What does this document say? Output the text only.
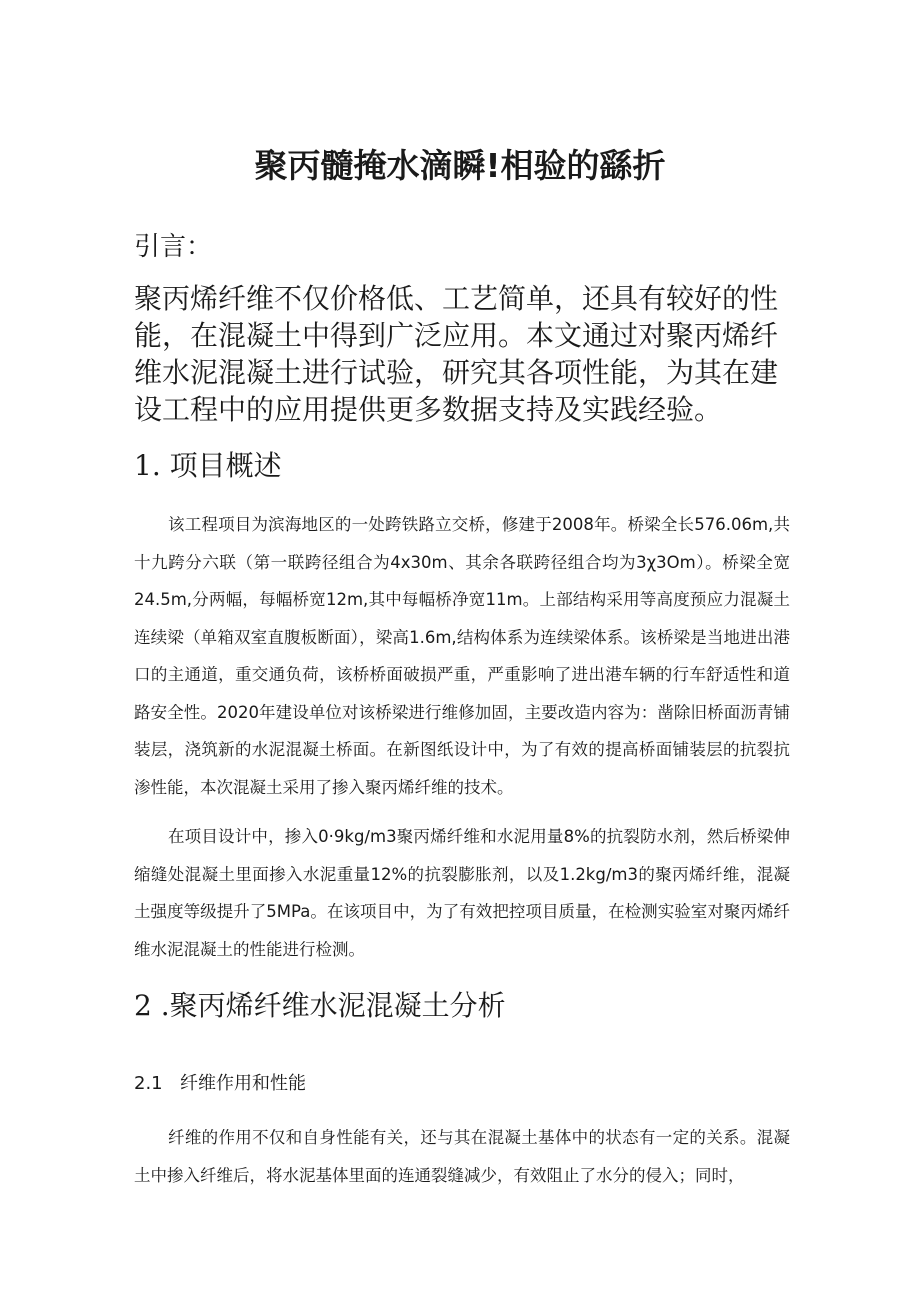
聚丙髓掩水滴瞬!相验的繇折
引言：

聚丙烯纤维不仅价格低、工艺简单，还具有较好的性能，在混凝土中得到广泛应用。本文通过对聚丙烯纤维水泥混凝土进行试验，研究其各项性能，为其在建设工程中的应用提供更多数据支持及实践经验。

1. 项目概述

该工程项目为滨海地区的一处跨铁路立交桥，修建于2008年。桥梁全长576.06m,共十九跨分六联（第一联跨径组合为4x30m、其余各联跨径组合均为3χ3Om）。桥梁全宽24.5m,分两幅，每幅桥宽12m,其中每幅桥净宽11m。上部结构采用等高度预应力混凝土连续梁（单箱双室直腹板断面），梁高1.6m,结构体系为连续梁体系。该桥梁是当地进出港口的主通道，重交通负荷，该桥桥面破损严重，严重影响了进出港车辆的行车舒适性和道路安全性。2020年建设单位对该桥梁进行维修加固，主要改造内容为：凿除旧桥面沥青铺装层，浇筑新的水泥混凝土桥面。在新图纸设计中，为了有效的提高桥面铺装层的抗裂抗渗性能，本次混凝土采用了掺入聚丙烯纤维的技术。

在项目设计中，掺入0·9kg∕m3聚丙烯纤维和水泥用量8%的抗裂防水剂，然后桥梁伸缩缝处混凝土里面掺入水泥重量12%的抗裂膨胀剂，以及1.2kg∕m3的聚丙烯纤维，混凝土强度等级提升了5MPa。在该项目中，为了有效把控项目质量，在检测实验室对聚丙烯纤维水泥混凝土的性能进行检测。

2 .聚丙烯纤维水泥混凝土分析
2.1 纤维作用和性能

纤维的作用不仅和自身性能有关，还与其在混凝土基体中的状态有一定的关系。混凝土中掺入纤维后，将水泥基体里面的连通裂缝减少，有效阻止了水分的侵入；同时，
